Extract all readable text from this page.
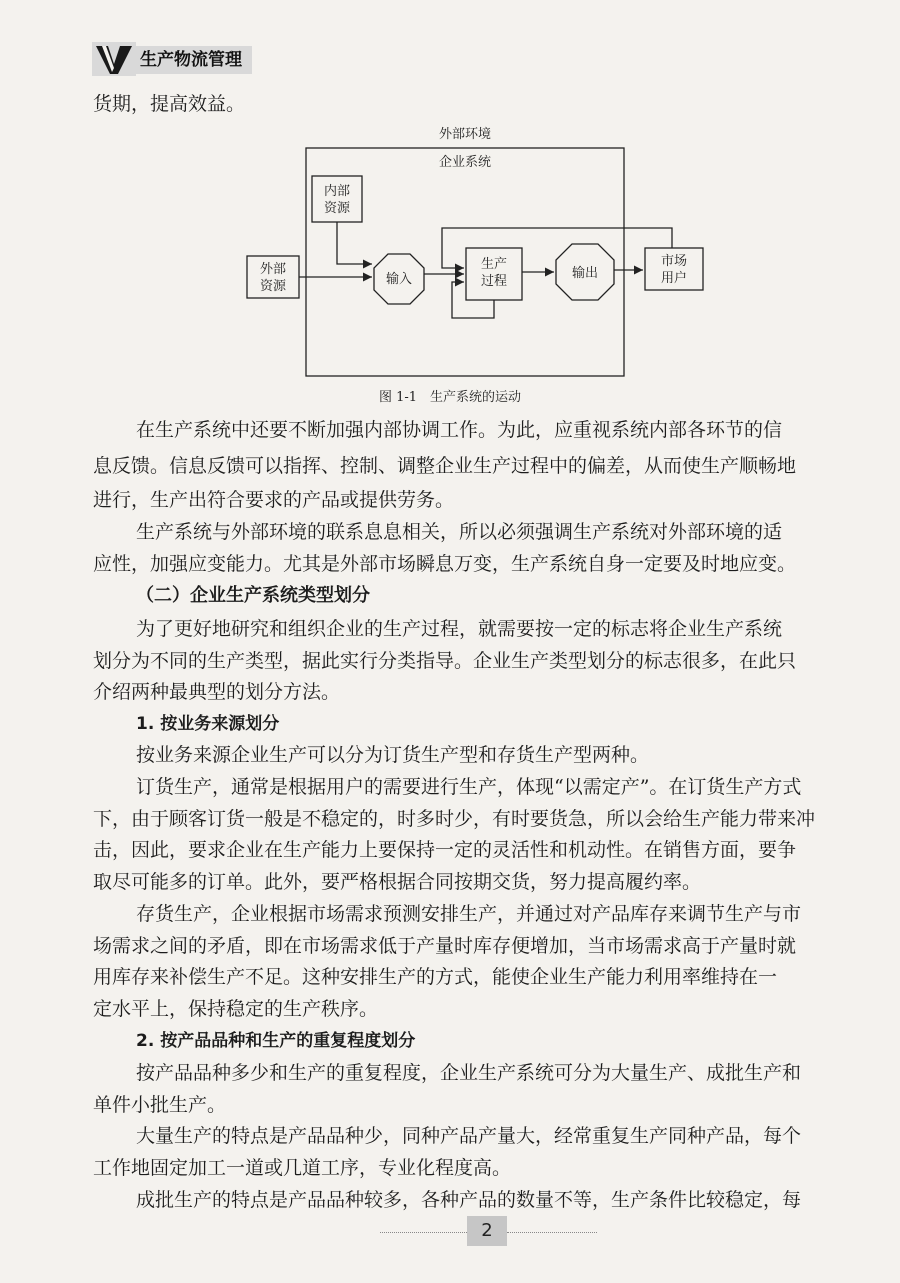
生产物流管理
货期，提高效益。
外部环境
企业系统
内部
资源
外部
资源	输入
生产
过程
输出
市场
用户
图 1-1　生产系统的运动
在生产系统中还要不断加强内部协调工作。为此，应重视系统内部各环节的信
息反馈。信息反馈可以指挥、控制、调整企业生产过程中的偏差，从而使生产顺畅地
进行，生产出符合要求的产品或提供劳务。
生产系统与外部环境的联系息息相关，所以必须强调生产系统对外部环境的适
应性，加强应变能力。尤其是外部市场瞬息万变，生产系统自身一定要及时地应变。
（二）企业生产系统类型划分
为了更好地研究和组织企业的生产过程，就需要按一定的标志将企业生产系统
划分为不同的生产类型，据此实行分类指导。企业生产类型划分的标志很多，在此只
介绍两种最典型的划分方法。
1. 按业务来源划分
按业务来源企业生产可以分为订货生产型和存货生产型两种。
订货生产，通常是根据用户的需要进行生产，体现“以需定产”。在订货生产方式
下，由于顾客订货一般是不稳定的，时多时少，有时要货急，所以会给生产能力带来冲
击，因此，要求企业在生产能力上要保持一定的灵活性和机动性。在销售方面，要争
取尽可能多的订单。此外，要严格根据合同按期交货，努力提高履约率。
存货生产，企业根据市场需求预测安排生产，并通过对产品库存来调节生产与市
场需求之间的矛盾，即在市场需求低于产量时库存便增加，当市场需求高于产量时就
用库存来补偿生产不足。这种安排生产的方式，能使企业生产能力利用率维持在一
定水平上，保持稳定的生产秩序。
2. 按产品品种和生产的重复程度划分
按产品品种多少和生产的重复程度，企业生产系统可分为大量生产、成批生产和
单件小批生产。
大量生产的特点是产品品种少，同种产品产量大，经常重复生产同种产品，每个
工作地固定加工一道或几道工序，专业化程度高。
成批生产的特点是产品品种较多，各种产品的数量不等，生产条件比较稳定，每
2
